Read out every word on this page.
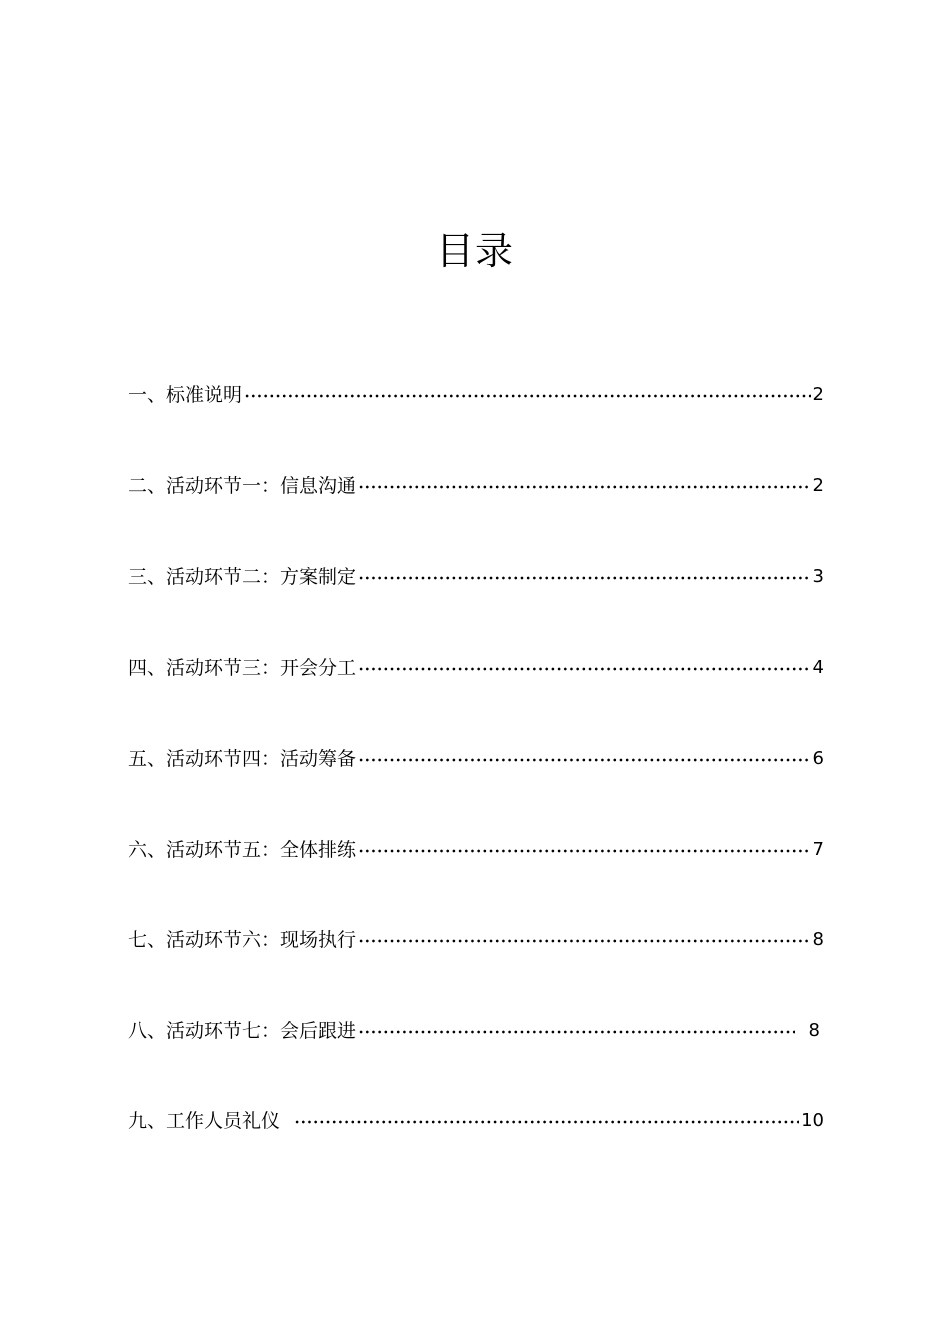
目录
一、标准说明	2
二、活动环节一：信息沟通	2
三、活动环节二：方案制定	3
四、活动环节三：开会分工	4
五、活动环节四：活动筹备	6
六、活动环节五：全体排练	7
七、活动环节六：现场执行	8
八、活动环节七：会后跟进	8
九、工作人员礼仪	10
